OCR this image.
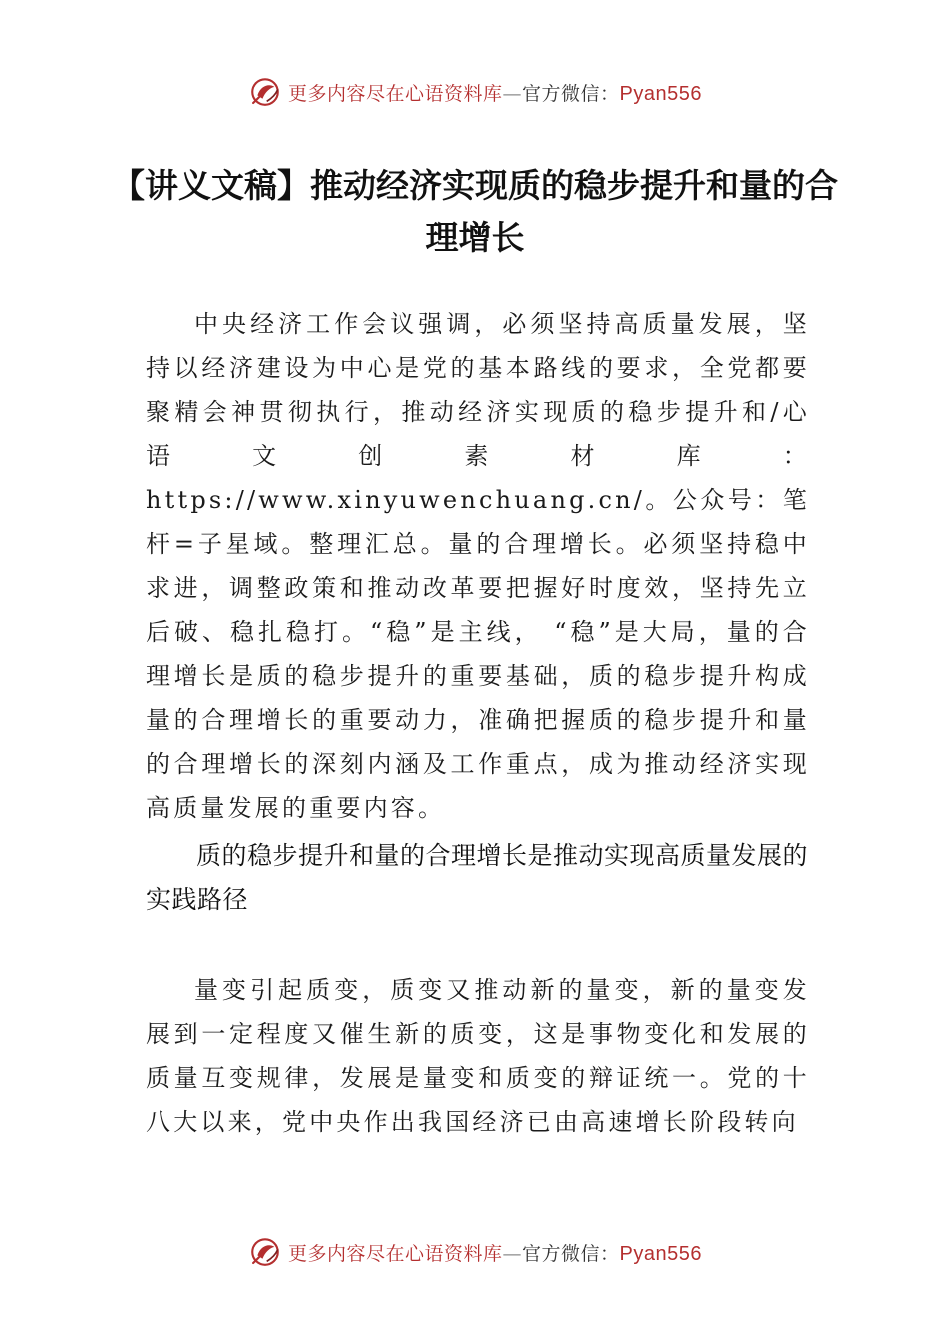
更多内容尽在心语资料库—官方微信：Pyan556
【讲义文稿】推动经济实现质的稳步提升和量的合理增长

中央经济工作会议强调，必须坚持高质量发展，坚持以经济建设为中心是党的基本路线的要求，全党都要聚精会神贯彻执行，推动经济实现质的稳步提升和/心语文创素材库：https://www.xinyuwenchuang.cn/。公众号：笔杆=子星域。整理汇总。量的合理增长。必须坚持稳中求进，调整政策和推动改革要把握好时度效，坚持先立后破、稳扎稳打。“稳”是主线， “稳”是大局，量的合理增长是质的稳步提升的重要基础，质的稳步提升构成量的合理增长的重要动力，准确把握质的稳步提升和量的合理增长的深刻内涵及工作重点，成为推动经济实现高质量发展的重要内容。

质的稳步提升和量的合理增长是推动实现高质量发展的实践路径

量变引起质变，质变又推动新的量变，新的量变发展到一定程度又催生新的质变，这是事物变化和发展的质量互变规律，发展是量变和质变的辩证统一。党的十八大以来，党中央作出我国经济已由高速增长阶段转向

更多内容尽在心语资料库—官方微信：Pyan556
